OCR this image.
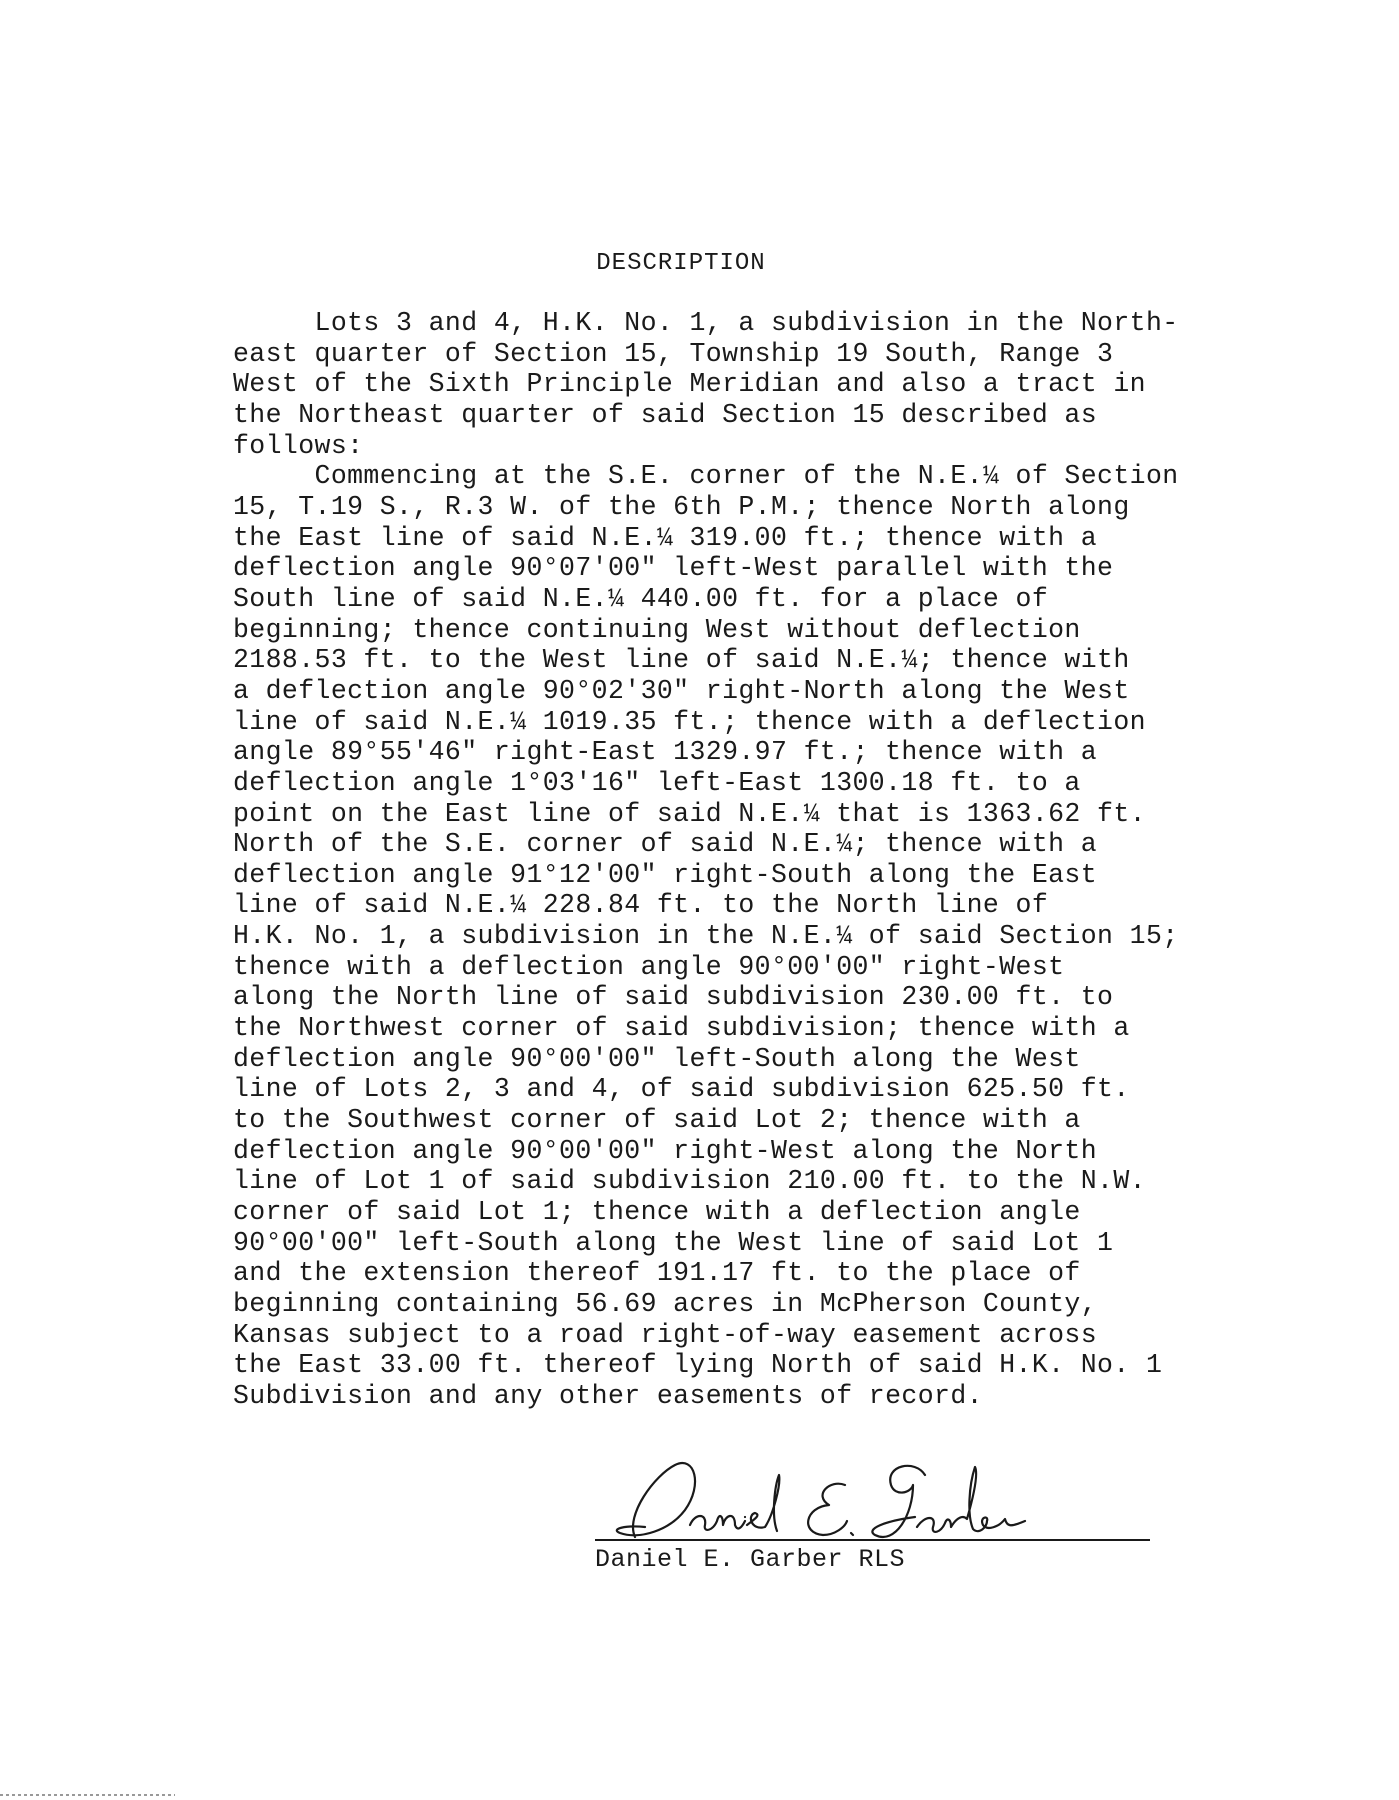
DESCRIPTION
Lots 3 and 4, H.K. No. 1, a subdivision in the North-
east quarter of Section 15, Township 19 South, Range 3
West of the Sixth Principle Meridian and also a tract in
the Northeast quarter of said Section 15 described as
follows:
Commencing at the S.E. corner of the N.E.¼ of Section
15, T.19 S., R.3 W. of the 6th P.M.; thence North along
the East line of said N.E.¼ 319.00 ft.; thence with a
deflection angle 90°07'00" left-West parallel with the
South line of said N.E.¼ 440.00 ft. for a place of
beginning; thence continuing West without deflection
2188.53 ft. to the West line of said N.E.¼; thence with
a deflection angle 90°02'30" right-North along the West
line of said N.E.¼ 1019.35 ft.; thence with a deflection
angle 89°55'46" right-East 1329.97 ft.; thence with a
deflection angle 1°03'16" left-East 1300.18 ft. to a
point on the East line of said N.E.¼ that is 1363.62 ft.
North of the S.E. corner of said N.E.¼; thence with a
deflection angle 91°12'00" right-South along the East
line of said N.E.¼ 228.84 ft. to the North line of
H.K. No. 1, a subdivision in the N.E.¼ of said Section 15;
thence with a deflection angle 90°00'00" right-West
along the North line of said subdivision 230.00 ft. to
the Northwest corner of said subdivision; thence with a
deflection angle 90°00'00" left-South along the West
line of Lots 2, 3 and 4, of said subdivision 625.50 ft.
to the Southwest corner of said Lot 2; thence with a
deflection angle 90°00'00" right-West along the North
line of Lot 1 of said subdivision 210.00 ft. to the N.W.
corner of said Lot 1; thence with a deflection angle
90°00'00" left-South along the West line of said Lot 1
and the extension thereof 191.17 ft. to the place of
beginning containing 56.69 acres in McPherson County,
Kansas subject to a road right-of-way easement across
the East 33.00 ft. thereof lying North of said H.K. No. 1
Subdivision and any other easements of record.
Daniel E. Garber RLS
